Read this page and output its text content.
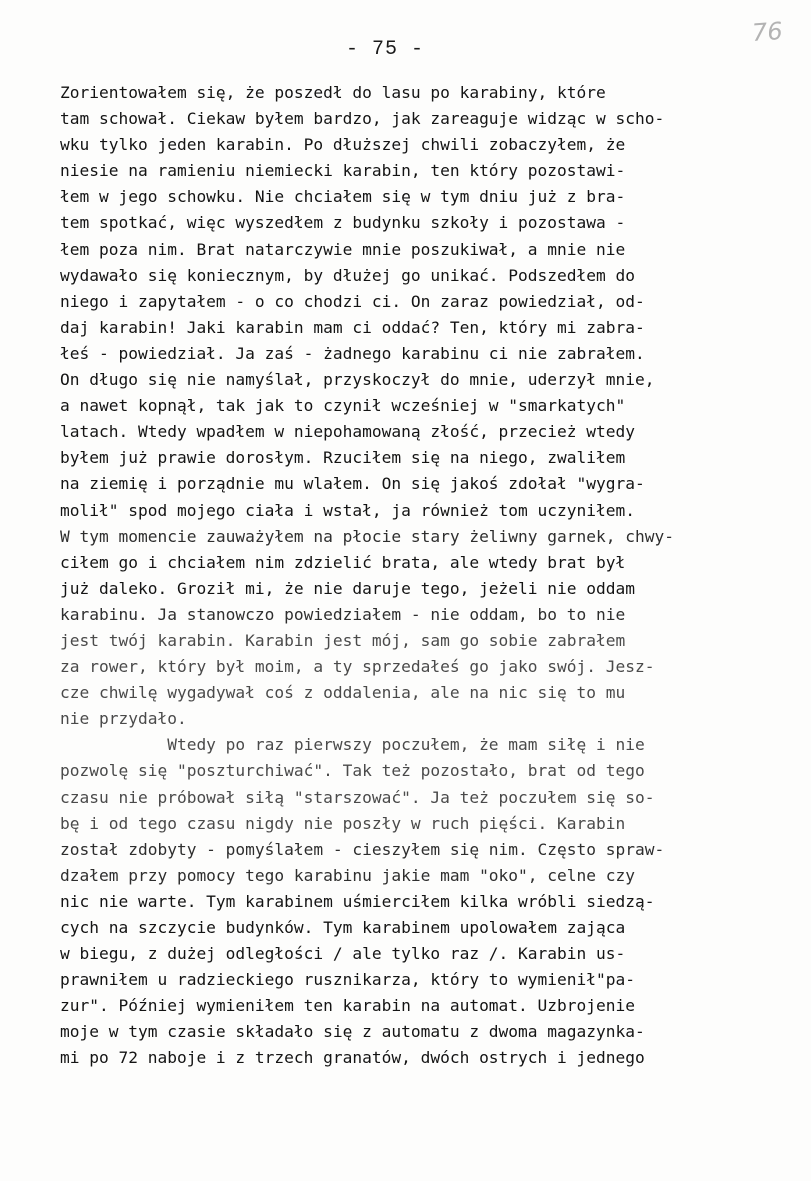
76
- 75 -
Zorientowałem się, że poszedł do lasu po karabiny, które
tam schował. Ciekaw byłem bardzo, jak zareaguje widząc w scho-
wku tylko jeden karabin. Po dłuższej chwili zobaczyłem, że
niesie na ramieniu niemiecki karabin, ten który pozostawi-
łem w jego schowku. Nie chciałem się w tym dniu już z bra-
tem spotkać, więc wyszedłem z budynku szkoły i pozostawa -
łem poza nim. Brat natarczywie mnie poszukiwał, a mnie nie
wydawało się koniecznym, by dłużej go unikać. Podszedłem do
niego i zapytałem - o co chodzi ci. On zaraz powiedział, od-
daj karabin! Jaki karabin mam ci oddać? Ten, który mi zabra-
łeś - powiedział. Ja zaś - żadnego karabinu ci nie zabrałem.
On długo się nie namyślał, przyskoczył do mnie, uderzył mnie,
a nawet kopnął, tak jak to czynił wcześniej w "smarkatych"
latach. Wtedy wpadłem w niepohamowaną złość, przecież wtedy
byłem już prawie dorosłym. Rzuciłem się na niego, zwaliłem
na ziemię i porządnie mu wlałem. On się jakoś zdołał "wygra-
molił" spod mojego ciała i wstał, ja również tom uczyniłem.
W tym momencie zauważyłem na płocie stary żeliwny garnek, chwy-
ciłem go i chciałem nim zdzielić brata, ale wtedy brat był
już daleko. Groził mi, że nie daruje tego, jeżeli nie oddam
karabinu. Ja stanowczo powiedziałem - nie oddam, bo to nie
jest twój karabin. Karabin jest mój, sam go sobie zabrałem
za rower, który był moim, a ty sprzedałeś go jako swój. Jesz-
cze chwilę wygadywał coś z oddalenia, ale na nic się to mu
nie przydało.
Wtedy po raz pierwszy poczułem, że mam siłę i nie
pozwolę się "poszturchiwać". Tak też pozostało, brat od tego
czasu nie próbował siłą "starszować". Ja też poczułem się so-
bę i od tego czasu nigdy nie poszły w ruch pięści. Karabin
został zdobyty - pomyślałem - cieszyłem się nim. Często spraw-
dzałem przy pomocy tego karabinu jakie mam "oko", celne czy
nic nie warte. Tym karabinem uśmierciłem kilka wróbli siedzą-
cych na szczycie budynków. Tym karabinem upolowałem zająca
w biegu, z dużej odległości / ale tylko raz /. Karabin us-
prawniłem u radzieckiego rusznikarza, który to wymienił"pa-
zur". Później wymieniłem ten karabin na automat. Uzbrojenie
moje w tym czasie składało się z automatu z dwoma magazynka-
mi po 72 naboje i z trzech granatów, dwóch ostrych i jednego
